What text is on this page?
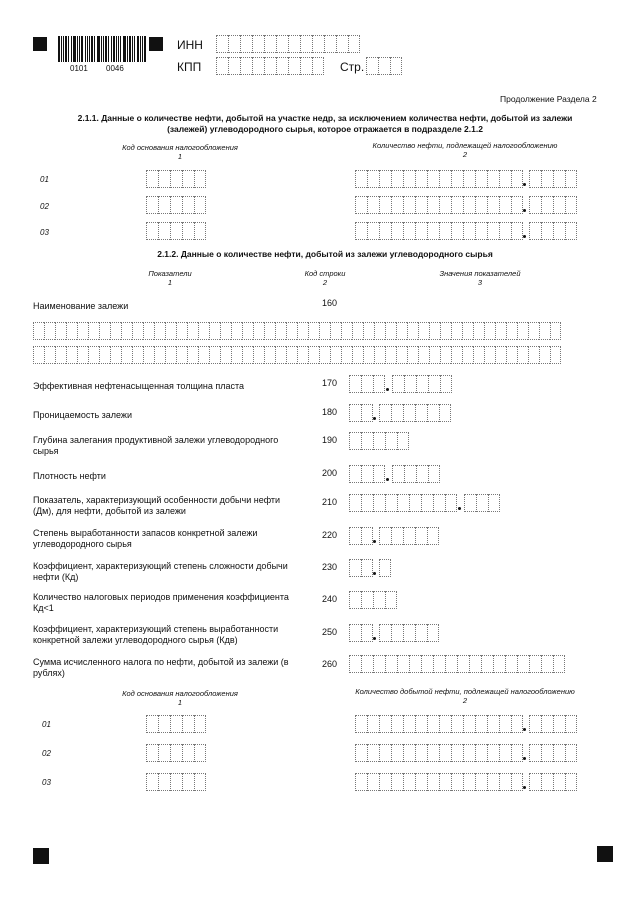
0101 0046
ИНН
КПП	Стр.
Продолжение Раздела 2
2.1.1. Данные о количестве нефти, добытой на участке недр, за исключением количества нефти, добытой из залежи
(залежей) углеводородного сырья, которое отражается в подразделе 2.1.2
Код основания налогообложения
1
Количество нефти, подлежащей налогообложению
2
01
02
03
2.1.2. Данные о количестве нефти, добытой из залежи углеводородного сырья
Показатели
1
Код строки
2
Значения показателей
3
Наименование залежи	160
Эффективная нефтенасыщенная толщина пласта	170
Проницаемость залежи	180
Глубина залегания продуктивной залежи углеводородного сырья
190
Плотность нефти	200
Показатель, характеризующий особенности добычи нефти (Дм), для нефти, добытой из залежи
210
Степень выработанности запасов конкретной залежи углеводородного сырья
220
Коэффициент, характеризующий степень сложности добычи нефти (Кд)
230
Количество налоговых периодов применения коэффициента Кд<1
240
Коэффициент, характеризующий степень выработанности конкретной залежи углеводородного сырья (Кдв)
250
Сумма исчисленного налога по нефти, добытой из залежи (в рублях)
260
Код основания налогообложения
1
Количество добытой нефти, подлежащей налогообложению
2
01
02
03
